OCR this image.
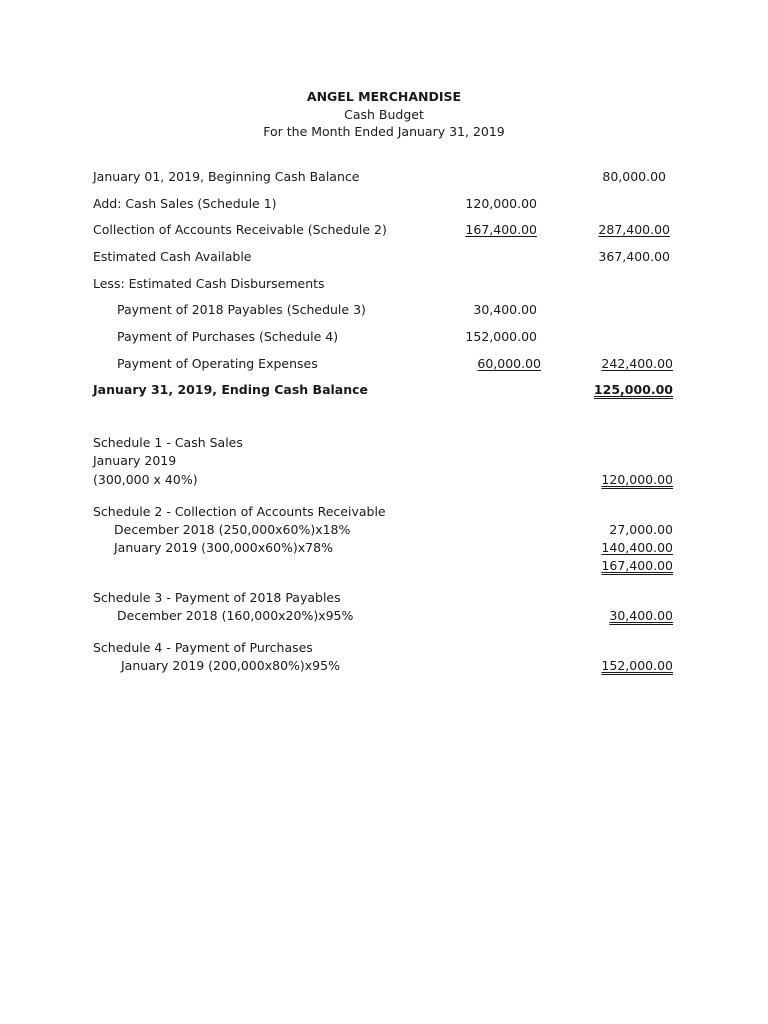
ANGEL MERCHANDISE
Cash Budget
For the Month Ended January 31, 2019
January 01, 2019, Beginning Cash Balance	80,000.00
Add: Cash Sales (Schedule 1)	120,000.00
Collection of Accounts Receivable (Schedule 2)	167,400.00	287,400.00
Estimated Cash Available	367,400.00
Less: Estimated Cash Disbursements
Payment of 2018 Payables (Schedule 3)	30,400.00
Payment of Purchases (Schedule 4)	152,000.00
Payment of Operating Expenses	60,000.00	242,400.00
January 31, 2019, Ending Cash Balance	125,000.00
Schedule 1 - Cash Sales
January 2019
(300,000 x 40%)	120,000.00
Schedule 2 - Collection of Accounts Receivable
December 2018 (250,000x60%)x18%	27,000.00
January 2019 (300,000x60%)x78%	140,400.00
167,400.00
Schedule 3 - Payment of 2018 Payables
December 2018 (160,000x20%)x95%	30,400.00
Schedule 4 - Payment of Purchases
January 2019 (200,000x80%)x95%	152,000.00
